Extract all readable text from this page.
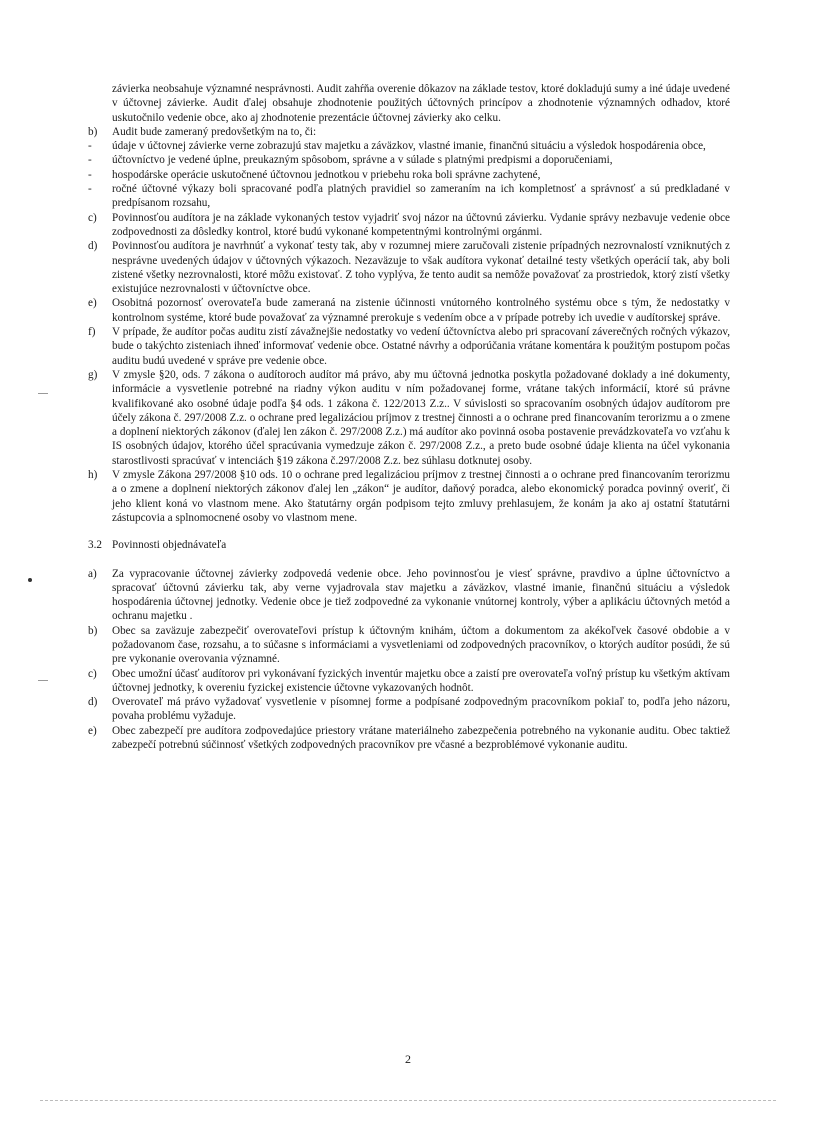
závierka neobsahuje významné nesprávnosti. Audit zahŕňa overenie dôkazov na základe testov, ktoré dokladujú sumy a iné údaje uvedené v účtovnej závierke. Audit ďalej obsahuje zhodnotenie použitých účtovných princípov a zhodnotenie významných odhadov, ktoré uskutočnilo vedenie obce, ako aj zhodnotenie prezentácie účtovnej závierky ako celku.
b)	Audit bude zameraný predovšetkým na to, či:
-	údaje v účtovnej závierke verne zobrazujú stav majetku a záväzkov, vlastné imanie, finančnú situáciu a výsledok hospodárenia obce,
-	účtovníctvo je vedené úplne, preukazným spôsobom, správne a v súlade s platnými predpismi a doporučeniami,
-	hospodárske operácie uskutočnené účtovnou jednotkou v priebehu roka boli správne zachytené,
-	ročné účtovné výkazy boli spracované podľa platných pravidiel so zameraním na ich kompletnosť a správnosť a sú predkladané v predpísanom rozsahu,
c)	Povinnosťou audítora je na základe vykonaných testov vyjadriť svoj názor na účtovnú závierku. Vydanie správy nezbavuje vedenie obce zodpovednosti za dôsledky kontrol, ktoré budú vykonané kompetentnými kontrolnými orgánmi.
d)	Povinnosťou audítora je navrhnúť a vykonať testy tak, aby v rozumnej miere zaručovali zistenie prípadných nezrovnalostí vzniknutých z nesprávne uvedených údajov v účtovných výkazoch. Nezaväzuje to však audítora vykonať detailné testy všetkých operácií tak, aby boli zistené všetky nezrovnalosti, ktoré môžu existovať. Z toho vyplýva, že tento audit sa nemôže považovať za prostriedok, ktorý zistí všetky existujúce nezrovnalosti v účtovníctve obce.
e)	Osobitná pozornosť overovateľa bude zameraná na zistenie účinnosti vnútorného kontrolného systému obce s tým, že nedostatky v kontrolnom systéme, ktoré bude považovať za významné prerokuje s vedením obce a v prípade potreby ich uvedie v audítorskej správe.
f)	V prípade, že audítor počas auditu zistí závažnejšie nedostatky vo vedení účtovníctva alebo pri spracovaní záverečných ročných výkazov, bude o takýchto zisteniach ihneď informovať vedenie obce. Ostatné návrhy a odporúčania vrátane komentára k použitým postupom počas auditu budú uvedené v správe pre vedenie obce.
g)	V zmysle §20, ods. 7 zákona o audítoroch audítor má právo, aby mu účtovná jednotka poskytla požadované doklady a iné dokumenty, informácie a vysvetlenie potrebné na riadny výkon auditu v ním požadovanej forme, vrátane takých informácií, ktoré sú právne kvalifikované ako osobné údaje podľa §4 ods. 1 zákona č. 122/2013 Z.z.. V súvislosti so spracovaním osobných údajov audítorom pre účely zákona č. 297/2008 Z.z. o ochrane pred legalizáciou príjmov z trestnej činnosti a o ochrane pred financovaním terorizmu a o zmene a doplnení niektorých zákonov (ďalej len zákon č. 297/2008 Z.z.) má audítor ako povinná osoba postavenie prevádzkovateľa vo vzťahu k IS osobných údajov, ktorého účel spracúvania vymedzuje zákon č. 297/2008 Z.z., a preto bude osobné údaje klienta na účel vykonania starostlivosti spracúvať v intenciách §19 zákona č.297/2008 Z.z. bez súhlasu dotknutej osoby.
h)	V zmysle Zákona 297/2008 §10 ods. 10 o ochrane pred legalizáciou príjmov z trestnej činnosti a o ochrane pred financovaním terorizmu a o zmene a doplnení niektorých zákonov ďalej len „zákon“ je audítor, daňový poradca, alebo ekonomický poradca povinný overiť, či jeho klient koná vo vlastnom mene. Ako štatutárny orgán podpisom tejto zmluvy prehlasujem, že konám ja ako aj ostatní štatutárni zástupcovia a splnomocnené osoby vo vlastnom mene.
3.2 Povinnosti objednávateľa
a)	Za vypracovanie účtovnej závierky zodpovedá vedenie obce. Jeho povinnosťou je viesť správne, pravdivo a úplne účtovníctvo a spracovať účtovnú závierku tak, aby verne vyjadrovala stav majetku a záväzkov, vlastné imanie, finančnú situáciu a výsledok hospodárenia účtovnej jednotky. Vedenie obce je tiež zodpovedné za vykonanie vnútornej kontroly, výber a aplikáciu účtovných metód a ochranu majetku .
b)	Obec sa zaväzuje zabezpečiť overovateľovi prístup k účtovným knihám, účtom a dokumentom za akékoľvek časové obdobie a v požadovanom čase, rozsahu, a to súčasne s informáciami a vysvetleniami od zodpovedných pracovníkov, o ktorých audítor posúdi, že sú pre vykonanie overovania významné.
c)	Obec umožní účasť audítorov pri vykonávaní fyzických inventúr majetku obce a zaistí pre overovateľa voľný prístup ku všetkým aktívam účtovnej jednotky, k overeniu fyzickej existencie účtovne vykazovaných hodnôt.
d)	Overovateľ má právo vyžadovať vysvetlenie v písomnej forme a podpísané zodpovedným pracovníkom pokiaľ to, podľa jeho názoru, povaha problému vyžaduje.
e)	Obec zabezpečí pre audítora zodpovedajúce priestory vrátane materiálneho zabezpečenia potrebného na vykonanie auditu. Obec taktiež zabezpečí potrebnú súčinnosť všetkých zodpovedných pracovníkov pre včasné a bezproblémové vykonanie auditu.
2
